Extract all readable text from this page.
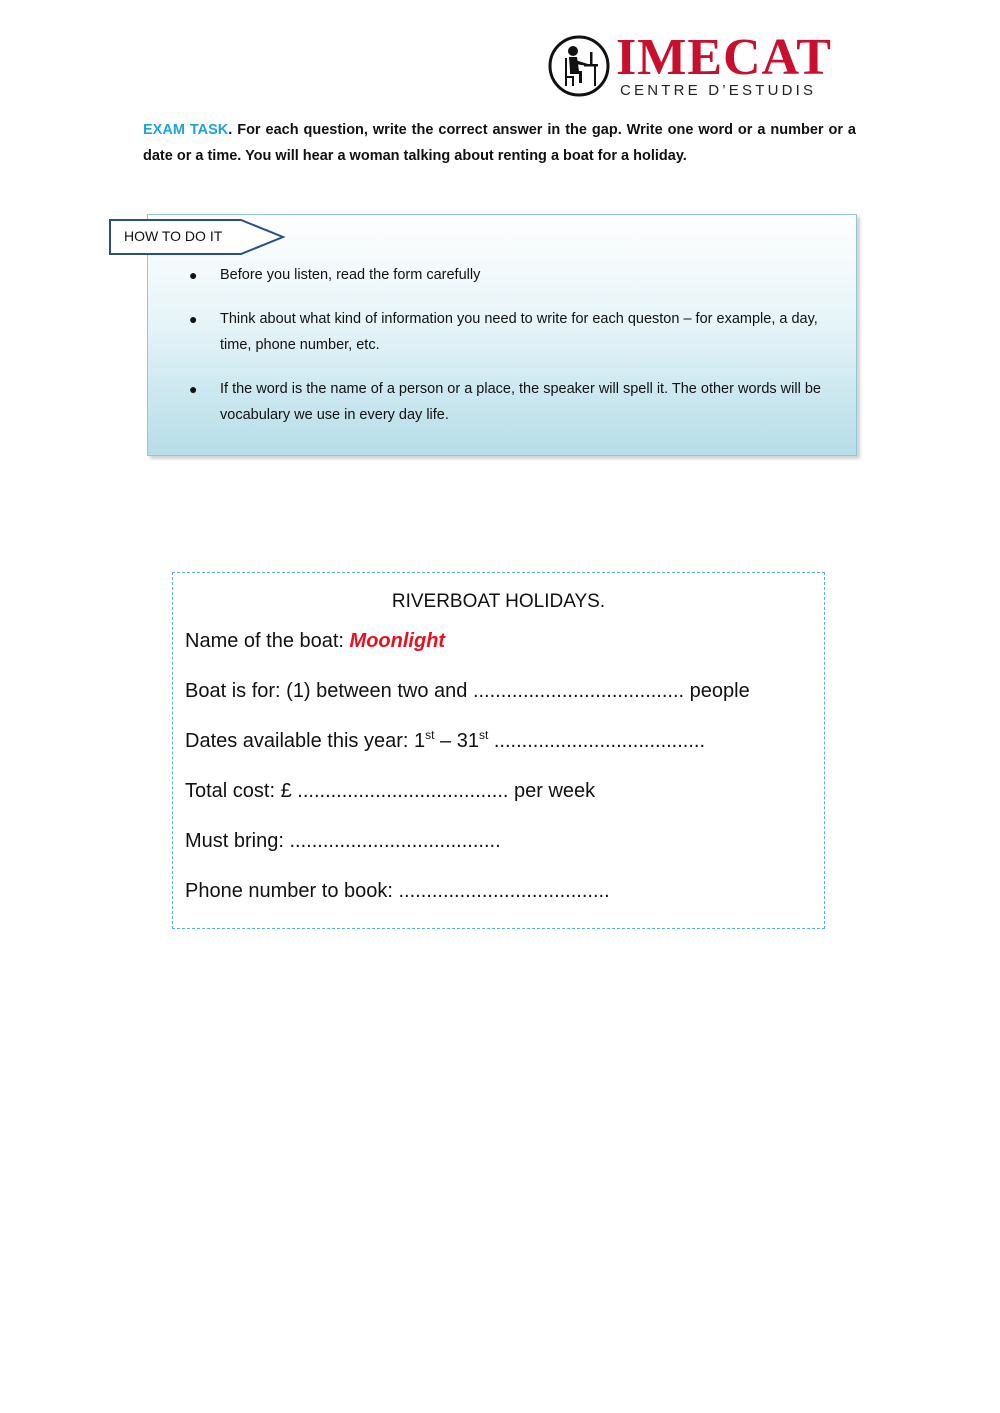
IMECAT
CENTRE D’ESTUDIS
EXAM TASK. For each question, write the correct answer in the gap. Write one word or a number or a date or a time. You will hear a woman talking about renting a boat for a holiday.
HOW TO DO IT
● Before you listen, read the form carefully
● Think about what kind of information you need to write for each queston – for example, a day, time, phone number, etc.
● If the word is the name of a person or a place, the speaker will spell it. The other words will be vocabulary we use in every day life.
RIVERBOAT HOLIDAYS.
Name of the boat: Moonlight
Boat is for: (1) between two and ...................................... people
Dates available this year: 1st – 31st ......................................
Total cost: £ ...................................... per week
Must bring: ......................................
Phone number to book: ......................................
